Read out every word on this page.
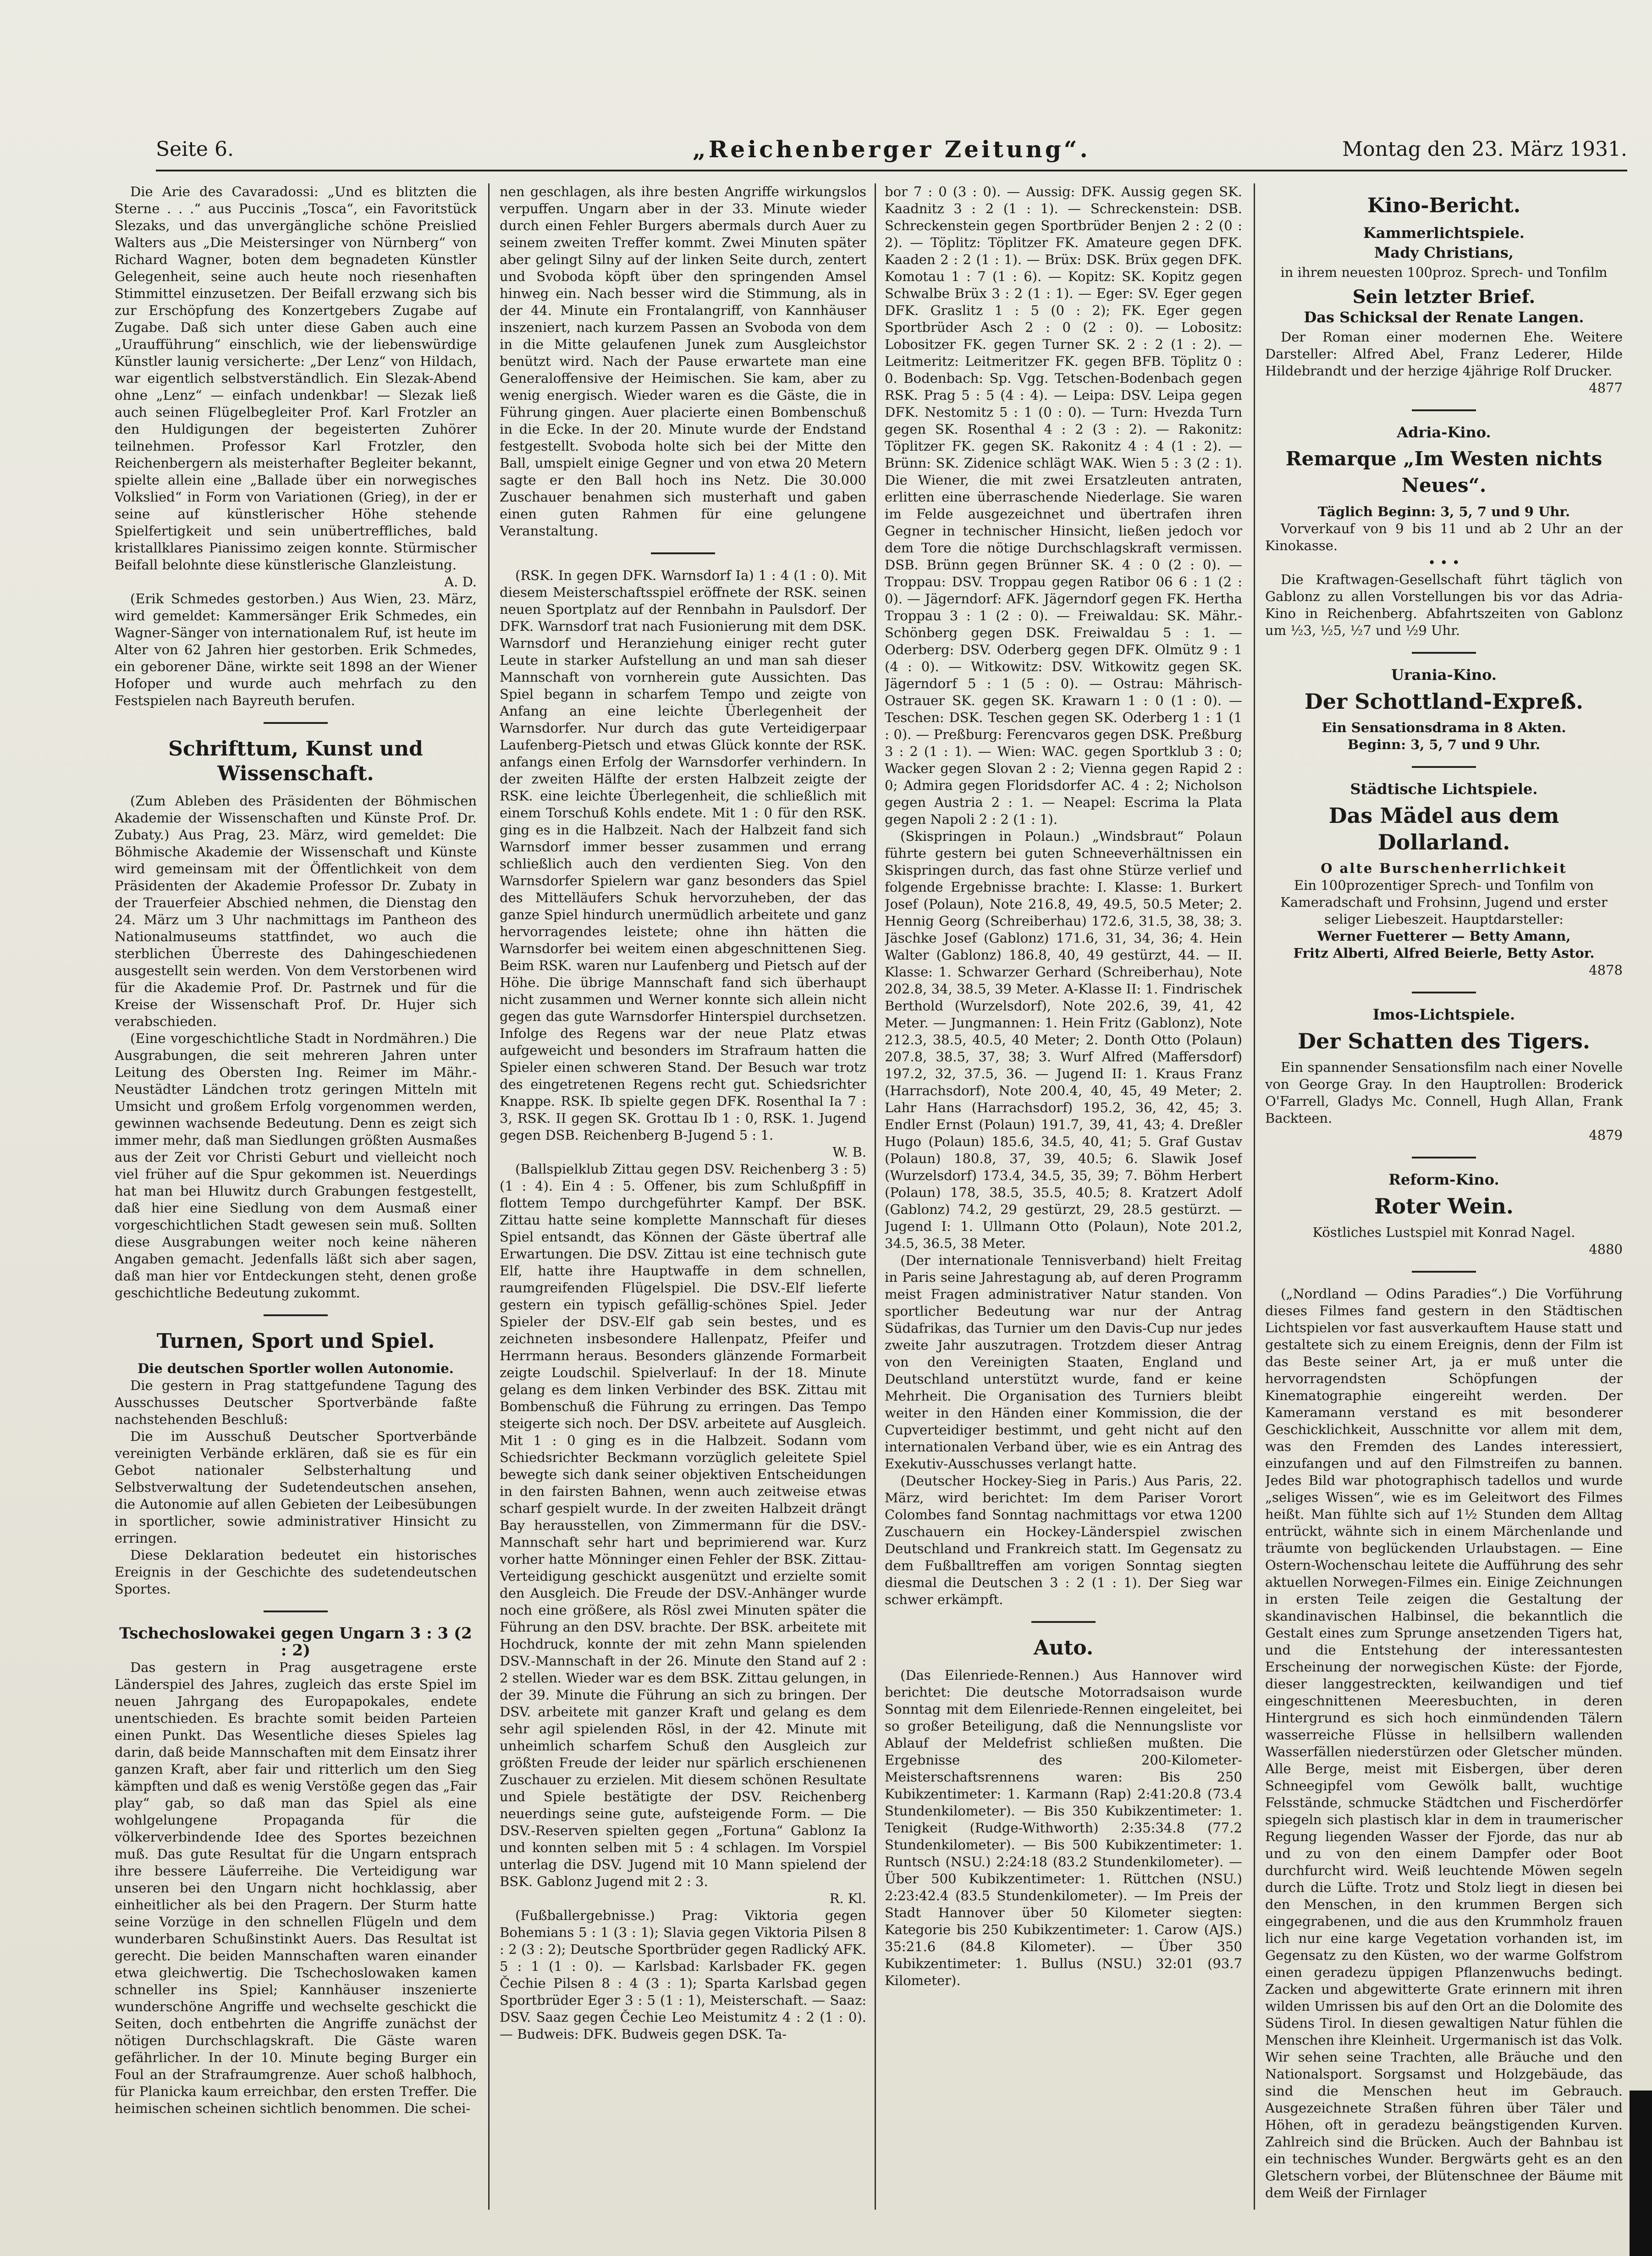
Seite 6.	„Reichenberger Zeitung“.	Montag den 23. März 1931.

Die Arie des Cavaradossi: „Und es blitzten die Sterne . . .“ aus Puccinis „Tosca“, ein Favoritstück Slezaks, und das unvergängliche schöne Preislied Walters aus „Die Meistersinger von Nürnberg“ von Richard Wagner, boten dem begnadeten Künstler Gelegenheit, seine auch heute noch riesenhaften Stimmittel einzusetzen. Der Beifall erzwang sich bis zur Erschöpfung des Konzertgebers Zugabe auf Zugabe. Daß sich unter diese Gaben auch eine „Uraufführung“ einschlich, wie der liebenswürdige Künstler launig versicherte: „Der Lenz“ von Hildach, war eigentlich selbstverständlich. Ein Slezak-Abend ohne „Lenz“ — einfach undenkbar! — Slezak ließ auch seinen Flügelbegleiter Prof. Karl Frotzler an den Huldigungen der begeisterten Zuhörer teilnehmen. Professor Karl Frotzler, den Reichenbergern als meisterhafter Begleiter bekannt, spielte allein eine „Ballade über ein norwegisches Volkslied“ in Form von Variationen (Grieg), in der er seine auf künstlerischer Höhe stehende Spielfertigkeit und sein unübertreffliches, bald kristallklares Pianissimo zeigen konnte. Stürmischer Beifall belohnte diese künstlerische Glanzleistung.

A. D.

(Erik Schmedes gestorben.) Aus Wien, 23. März, wird gemeldet: Kammersänger Erik Schmedes, ein Wagner-Sänger von internationalem Ruf, ist heute im Alter von 62 Jahren hier gestorben. Erik Schmedes, ein geborener Däne, wirkte seit 1898 an der Wiener Hofoper und wurde auch mehrfach zu den Festspielen nach Bayreuth berufen.

Schrifttum, Kunst und Wissenschaft.

(Zum Ableben des Präsidenten der Böhmischen Akademie der Wissenschaften und Künste Prof. Dr. Zubaty.) Aus Prag, 23. März, wird gemeldet: Die Böhmische Akademie der Wissenschaft und Künste wird gemeinsam mit der Öffentlichkeit von dem Präsidenten der Akademie Professor Dr. Zubaty in der Trauerfeier Abschied nehmen, die Dienstag den 24. März um 3 Uhr nachmittags im Pantheon des Nationalmuseums stattfindet, wo auch die sterblichen Überreste des Dahingeschiedenen ausgestellt sein werden. Von dem Verstorbenen wird für die Akademie Prof. Dr. Pastrnek und für die Kreise der Wissenschaft Prof. Dr. Hujer sich verabschieden.

(Eine vorgeschichtliche Stadt in Nordmähren.) Die Ausgrabungen, die seit mehreren Jahren unter Leitung des Obersten Ing. Reimer im Mähr.-Neustädter Ländchen trotz geringen Mitteln mit Umsicht und großem Erfolg vorgenommen werden, gewinnen wachsende Bedeutung. Denn es zeigt sich immer mehr, daß man Siedlungen größten Ausmaßes aus der Zeit vor Christi Geburt und vielleicht noch viel früher auf die Spur gekommen ist. Neuerdings hat man bei Hluwitz durch Grabungen festgestellt, daß hier eine Siedlung von dem Ausmaß einer vorgeschichtlichen Stadt gewesen sein muß. Sollten diese Ausgrabungen weiter noch keine näheren Angaben gemacht. Jedenfalls läßt sich aber sagen, daß man hier vor Entdeckungen steht, denen große geschichtliche Bedeutung zukommt.

Turnen, Sport und Spiel.

Die deutschen Sportler wollen Autonomie.

Die gestern in Prag stattgefundene Tagung des Ausschusses Deutscher Sportverbände faßte nachstehenden Beschluß:

Die im Ausschuß Deutscher Sportverbände vereinigten Verbände erklären, daß sie es für ein Gebot nationaler Selbsterhaltung und Selbstverwaltung der Sudetendeutschen ansehen, die Autonomie auf allen Gebieten der Leibesübungen in sportlicher, sowie administrativer Hinsicht zu erringen.

Diese Deklaration bedeutet ein historisches Ereignis in der Geschichte des sudetendeutschen Sportes.

Tschechoslowakei gegen Ungarn 3 : 3 (2 : 2)

Das gestern in Prag ausgetragene erste Länderspiel des Jahres, zugleich das erste Spiel im neuen Jahrgang des Europapokales, endete unentschieden. Es brachte somit beiden Parteien einen Punkt. Das Wesentliche dieses Spieles lag darin, daß beide Mannschaften mit dem Einsatz ihrer ganzen Kraft, aber fair und ritterlich um den Sieg kämpften und daß es wenig Verstöße gegen das „Fair play“ gab, so daß man das Spiel als eine wohlgelungene Propaganda für die völkerverbindende Idee des Sportes bezeichnen muß. Das gute Resultat für die Ungarn entsprach ihre bessere Läuferreihe. Die Verteidigung war unseren bei den Ungarn nicht hochklassig, aber einheitlicher als bei den Pragern. Der Sturm hatte seine Vorzüge in den schnellen Flügeln und dem wunderbaren Schußinstinkt Auers. Das Resultat ist gerecht. Die beiden Mannschaften waren einander etwa gleichwertig. Die Tschechoslowaken kamen schneller ins Spiel; Kannhäuser inszenierte wunderschöne Angriffe und wechselte geschickt die Seiten, doch entbehrten die Angriffe zunächst der nötigen Durchschlagskraft. Die Gäste waren gefährlicher. In der 10. Minute beging Burger ein Foul an der Strafraumgrenze. Auer schoß halbhoch, für Planicka kaum erreichbar, den ersten Treffer. Die heimischen scheinen sichtlich benommen. Die schei-

nen geschlagen, als ihre besten Angriffe wirkungslos verpuffen. Ungarn aber in der 33. Minute wieder durch einen Fehler Burgers abermals durch Auer zu seinem zweiten Treffer kommt. Zwei Minuten später aber gelingt Silny auf der linken Seite durch, zentert und Svoboda köpft über den springenden Amsel hinweg ein. Nach besser wird die Stimmung, als in der 44. Minute ein Frontalangriff, von Kannhäuser inszeniert, nach kurzem Passen an Svoboda von dem in die Mitte gelaufenen Junek zum Ausgleichstor benützt wird. Nach der Pause erwartete man eine Generaloffensive der Heimischen. Sie kam, aber zu wenig energisch. Wieder waren es die Gäste, die in Führung gingen. Auer placierte einen Bombenschuß in die Ecke. In der 20. Minute wurde der Endstand festgestellt. Svoboda holte sich bei der Mitte den Ball, umspielt einige Gegner und von etwa 20 Metern sagte er den Ball hoch ins Netz. Die 30.000 Zuschauer benahmen sich musterhaft und gaben einen guten Rahmen für eine gelungene Veranstaltung.

(RSK. In gegen DFK. Warnsdorf Ia) 1 : 4 (1 : 0). Mit diesem Meisterschaftsspiel eröffnete der RSK. seinen neuen Sportplatz auf der Rennbahn in Paulsdorf. Der DFK. Warnsdorf trat nach Fusionierung mit dem DSK. Warnsdorf und Heranziehung einiger recht guter Leute in starker Aufstellung an und man sah dieser Mannschaft von vornherein gute Aussichten. Das Spiel begann in scharfem Tempo und zeigte von Anfang an eine leichte Überlegenheit der Warnsdorfer. Nur durch das gute Verteidigerpaar Laufenberg-Pietsch und etwas Glück konnte der RSK. anfangs einen Erfolg der Warnsdorfer verhindern. In der zweiten Hälfte der ersten Halbzeit zeigte der RSK. eine leichte Überlegenheit, die schließlich mit einem Torschuß Kohls endete. Mit 1 : 0 für den RSK. ging es in die Halbzeit. Nach der Halbzeit fand sich Warnsdorf immer besser zusammen und errang schließlich auch den verdienten Sieg. Von den Warnsdorfer Spielern war ganz besonders das Spiel des Mittelläufers Schuk hervorzuheben, der das ganze Spiel hindurch unermüdlich arbeitete und ganz hervorragendes leistete; ohne ihn hätten die Warnsdorfer bei weitem einen abgeschnittenen Sieg. Beim RSK. waren nur Laufenberg und Pietsch auf der Höhe. Die übrige Mannschaft fand sich überhaupt nicht zusammen und Werner konnte sich allein nicht gegen das gute Warnsdorfer Hinterspiel durchsetzen. Infolge des Regens war der neue Platz etwas aufgeweicht und besonders im Strafraum hatten die Spieler einen schweren Stand. Der Besuch war trotz des eingetretenen Regens recht gut. Schiedsrichter Knappe. RSK. Ib spielte gegen DFK. Rosenthal Ia 7 : 3, RSK. II gegen SK. Grottau Ib 1 : 0, RSK. 1. Jugend gegen DSB. Reichenberg B-Jugend 5 : 1.

W. B.

(Ballspielklub Zittau gegen DSV. Reichenberg 3 : 5) (1 : 4). Ein 4 : 5. Offener, bis zum Schlußpfiff in flottem Tempo durchgeführter Kampf. Der BSK. Zittau hatte seine komplette Mannschaft für dieses Spiel entsandt, das Können der Gäste übertraf alle Erwartungen. Die DSV. Zittau ist eine technisch gute Elf, hatte ihre Hauptwaffe in dem schnellen, raumgreifenden Flügelspiel. Die DSV.-Elf lieferte gestern ein typisch gefällig-schönes Spiel. Jeder Spieler der DSV.-Elf gab sein bestes, und es zeichneten insbesondere Hallenpatz, Pfeifer und Herrmann heraus. Besonders glänzende Formarbeit zeigte Loudschil. Spielverlauf: In der 18. Minute gelang es dem linken Verbinder des BSK. Zittau mit Bombenschuß die Führung zu erringen. Das Tempo steigerte sich noch. Der DSV. arbeitete auf Ausgleich. Mit 1 : 0 ging es in die Halbzeit. Sodann vom Schiedsrichter Beckmann vorzüglich geleitete Spiel bewegte sich dank seiner objektiven Entscheidungen in den fairsten Bahnen, wenn auch zeitweise etwas scharf gespielt wurde. In der zweiten Halbzeit drängt Bay herausstellen, von Zimmermann für die DSV.-Mannschaft sehr hart und beprimierend war. Kurz vorher hatte Mönninger einen Fehler der BSK. Zittau-Verteidigung geschickt ausgenützt und erzielte somit den Ausgleich. Die Freude der DSV.-Anhänger wurde noch eine größere, als Rösl zwei Minuten später die Führung an den DSV. brachte. Der BSK. arbeitete mit Hochdruck, konnte der mit zehn Mann spielenden DSV.-Mannschaft in der 26. Minute den Stand auf 2 : 2 stellen. Wieder war es dem BSK. Zittau gelungen, in der 39. Minute die Führung an sich zu bringen. Der DSV. arbeitete mit ganzer Kraft und gelang es dem sehr agil spielenden Rösl, in der 42. Minute mit unheimlich scharfem Schuß den Ausgleich zur größten Freude der leider nur spärlich erschienenen Zuschauer zu erzielen. Mit diesem schönen Resultate und Spiele bestätigte der DSV. Reichenberg neuerdings seine gute, aufsteigende Form. — Die DSV.-Reserven spielten gegen „Fortuna“ Gablonz Ia und konnten selben mit 5 : 4 schlagen. Im Vorspiel unterlag die DSV. Jugend mit 10 Mann spielend der BSK. Gablonz Jugend mit 2 : 3.

R. Kl.

(Fußballergebnisse.) Prag: Viktoria gegen Bohemians 5 : 1 (3 : 1); Slavia gegen Viktoria Pilsen 8 : 2 (3 : 2); Deutsche Sportbrüder gegen Radlický AFK. 5 : 1 (1 : 0). — Karlsbad: Karlsbader FK. gegen Čechie Pilsen 8 : 4 (3 : 1); Sparta Karlsbad gegen Sportbrüder Eger 3 : 5 (1 : 1), Meisterschaft. — Saaz: DSV. Saaz gegen Čechie Leo Meistumitz 4 : 2 (1 : 0). — Budweis: DFK. Budweis gegen DSK. Ta-

bor 7 : 0 (3 : 0). — Aussig: DFK. Aussig gegen SK. Kaadnitz 3 : 2 (1 : 1). — Schreckenstein: DSB. Schreckenstein gegen Sportbrüder Benjen 2 : 2 (0 : 2). — Töplitz: Töplitzer FK. Amateure gegen DFK. Kaaden 2 : 2 (1 : 1). — Brüx: DSK. Brüx gegen DFK. Komotau 1 : 7 (1 : 6). — Kopitz: SK. Kopitz gegen Schwalbe Brüx 3 : 2 (1 : 1). — Eger: SV. Eger gegen DFK. Graslitz 1 : 5 (0 : 2); FK. Eger gegen Sportbrüder Asch 2 : 0 (2 : 0). — Lobositz: Lobositzer FK. gegen Turner SK. 2 : 2 (1 : 2). — Leitmeritz: Leitmeritzer FK. gegen BFB. Töplitz 0 : 0. Bodenbach: Sp. Vgg. Tetschen-Bodenbach gegen RSK. Prag 5 : 5 (4 : 4). — Leipa: DSV. Leipa gegen DFK. Nestomitz 5 : 1 (0 : 0). — Turn: Hvezda Turn gegen SK. Rosenthal 4 : 2 (3 : 2). — Rakonitz: Töplitzer FK. gegen SK. Rakonitz 4 : 4 (1 : 2). — Brünn: SK. Zidenice schlägt WAK. Wien 5 : 3 (2 : 1). Die Wiener, die mit zwei Ersatzleuten antraten, erlitten eine überraschende Niederlage. Sie waren im Felde ausgezeichnet und übertrafen ihren Gegner in technischer Hinsicht, ließen jedoch vor dem Tore die nötige Durchschlagskraft vermissen. DSB. Brünn gegen Brünner SK. 4 : 0 (2 : 0). — Troppau: DSV. Troppau gegen Ratibor 06 6 : 1 (2 : 0). — Jägerndorf: AFK. Jägerndorf gegen FK. Hertha Troppau 3 : 1 (2 : 0). — Freiwaldau: SK. Mähr.-Schönberg gegen DSK. Freiwaldau 5 : 1. — Oderberg: DSV. Oderberg gegen DFK. Olmütz 9 : 1 (4 : 0). — Witkowitz: DSV. Witkowitz gegen SK. Jägerndorf 5 : 1 (5 : 0). — Ostrau: Mährisch-Ostrauer SK. gegen SK. Krawarn 1 : 0 (1 : 0). — Teschen: DSK. Teschen gegen SK. Oderberg 1 : 1 (1 : 0). — Preßburg: Ferencvaros gegen DSK. Preßburg 3 : 2 (1 : 1). — Wien: WAC. gegen Sportklub 3 : 0; Wacker gegen Slovan 2 : 2; Vienna gegen Rapid 2 : 0; Admira gegen Floridsdorfer AC. 4 : 2; Nicholson gegen Austria 2 : 1. — Neapel: Escrima la Plata gegen Napoli 2 : 2 (1 : 1).

(Skispringen in Polaun.) „Windsbraut“ Polaun führte gestern bei guten Schneeverhältnissen ein Skispringen durch, das fast ohne Stürze verlief und folgende Ergebnisse brachte: I. Klasse: 1. Burkert Josef (Polaun), Note 216.8, 49, 49.5, 50.5 Meter; 2. Hennig Georg (Schreiberhau) 172.6, 31.5, 38, 38; 3. Jäschke Josef (Gablonz) 171.6, 31, 34, 36; 4. Hein Walter (Gablonz) 186.8, 40, 49 gestürzt, 44. — II. Klasse: 1. Schwarzer Gerhard (Schreiberhau), Note 202.8, 34, 38.5, 39 Meter. A-Klasse II: 1. Findrischek Berthold (Wurzelsdorf), Note 202.6, 39, 41, 42 Meter. — Jungmannen: 1. Hein Fritz (Gablonz), Note 212.3, 38.5, 40.5, 40 Meter; 2. Donth Otto (Polaun) 207.8, 38.5, 37, 38; 3. Wurf Alfred (Maffersdorf) 197.2, 32, 37.5, 36. — Jugend II: 1. Kraus Franz (Harrachsdorf), Note 200.4, 40, 45, 49 Meter; 2. Lahr Hans (Harrachsdorf) 195.2, 36, 42, 45; 3. Endler Ernst (Polaun) 191.7, 39, 41, 43; 4. Dreßler Hugo (Polaun) 185.6, 34.5, 40, 41; 5. Graf Gustav (Polaun) 180.8, 37, 39, 40.5; 6. Slawik Josef (Wurzelsdorf) 173.4, 34.5, 35, 39; 7. Böhm Herbert (Polaun) 178, 38.5, 35.5, 40.5; 8. Kratzert Adolf (Gablonz) 74.2, 29 gestürzt, 29, 28.5 gestürzt. — Jugend I: 1. Ullmann Otto (Polaun), Note 201.2, 34.5, 36.5, 38 Meter.

(Der internationale Tennisverband) hielt Freitag in Paris seine Jahrestagung ab, auf deren Programm meist Fragen administrativer Natur standen. Von sportlicher Bedeutung war nur der Antrag Südafrikas, das Turnier um den Davis-Cup nur jedes zweite Jahr auszutragen. Trotzdem dieser Antrag von den Vereinigten Staaten, England und Deutschland unterstützt wurde, fand er keine Mehrheit. Die Organisation des Turniers bleibt weiter in den Händen einer Kommission, die der Cupverteidiger bestimmt, und geht nicht auf den internationalen Verband über, wie es ein Antrag des Exekutiv-Ausschusses verlangt hatte.

(Deutscher Hockey-Sieg in Paris.) Aus Paris, 22. März, wird berichtet: Im dem Pariser Vorort Colombes fand Sonntag nachmittags vor etwa 1200 Zuschauern ein Hockey-Länderspiel zwischen Deutschland und Frankreich statt. Im Gegensatz zu dem Fußballtreffen am vorigen Sonntag siegten diesmal die Deutschen 3 : 2 (1 : 1). Der Sieg war schwer erkämpft.

Auto.

(Das Eilenriede-Rennen.) Aus Hannover wird berichtet: Die deutsche Motorradsaison wurde Sonntag mit dem Eilenriede-Rennen eingeleitet, bei so großer Beteiligung, daß die Nennungsliste vor Ablauf der Meldefrist schließen mußten. Die Ergebnisse des 200-Kilometer-Meisterschaftsrennens waren: Bis 250 Kubikzentimeter: 1. Karmann (Rap) 2:41:20.8 (73.4 Stundenkilometer). — Bis 350 Kubikzentimeter: 1. Tenigkeit (Rudge-Withworth) 2:35:34.8 (77.2 Stundenkilometer). — Bis 500 Kubikzentimeter: 1. Runtsch (NSU.) 2:24:18 (83.2 Stundenkilometer). — Über 500 Kubikzentimeter: 1. Rüttchen (NSU.) 2:23:42.4 (83.5 Stundenkilometer). — Im Preis der Stadt Hannover über 50 Kilometer siegten: Kategorie bis 250 Kubikzentimeter: 1. Carow (AJS.) 35:21.6 (84.8 Kilometer). — Über 350 Kubikzentimeter: 1. Bullus (NSU.) 32:01 (93.7 Kilometer).

Kino-Bericht.
Kammerlichtspiele.
Mady Christians,

in ihrem neuesten 100proz. Sprech- und Tonfilm

Sein letzter Brief.
Das Schicksal der Renate Langen.

Der Roman einer modernen Ehe. Weitere Darsteller: Alfred Abel, Franz Lederer, Hilde Hildebrandt und der herzige 4jährige Rolf Drucker.

4877

Adria-Kino.
Remarque „Im Westen nichts Neues“.

Täglich Beginn: 3, 5, 7 und 9 Uhr.

Vorverkauf von 9 bis 11 und ab 2 Uhr an der Kinokasse.

• • •

Die Kraftwagen-Gesellschaft führt täglich von Gablonz zu allen Vorstellungen bis vor das Adria-Kino in Reichenberg. Abfahrtszeiten von Gablonz um ½3, ½5, ½7 und ½9 Uhr.

Urania-Kino.
Der Schottland-Expreß.

Ein Sensationsdrama in 8 Akten.

Beginn: 3, 5, 7 und 9 Uhr.

Städtische Lichtspiele.
Das Mädel aus dem Dollarland.

O alte Burschenherrlichkeit

Ein 100prozentiger Sprech- und Tonfilm von Kameradschaft und Frohsinn, Jugend und erster seliger Liebeszeit. Hauptdarsteller:

Werner Fuetterer — Betty Amann,

Fritz Alberti, Alfred Beierle, Betty Astor.

4878

Imos-Lichtspiele.
Der Schatten des Tigers.

Ein spannender Sensationsfilm nach einer Novelle von George Gray. In den Hauptrollen: Broderick O'Farrell, Gladys Mc. Connell, Hugh Allan, Frank Backteen.

4879

Reform-Kino.
Roter Wein.

Köstliches Lustspiel mit Konrad Nagel.

4880

(„Nordland — Odins Paradies“.) Die Vorführung dieses Filmes fand gestern in den Städtischen Lichtspielen vor fast ausverkauftem Hause statt und gestaltete sich zu einem Ereignis, denn der Film ist das Beste seiner Art, ja er muß unter die hervorragendsten Schöpfungen der Kinematographie eingereiht werden. Der Kameramann verstand es mit besonderer Geschicklichkeit, Ausschnitte vor allem mit dem, was den Fremden des Landes interessiert, einzufangen und auf den Filmstreifen zu bannen. Jedes Bild war photographisch tadellos und wurde „seliges Wissen“, wie es im Geleitwort des Filmes heißt. Man fühlte sich auf 1½ Stunden dem Alltag entrückt, wähnte sich in einem Märchenlande und träumte von beglückenden Urlaubstagen. — Eine Ostern-Wochenschau leitete die Aufführung des sehr aktuellen Norwegen-Filmes ein. Einige Zeichnungen in ersten Teile zeigen die Gestaltung der skandinavischen Halbinsel, die bekanntlich die Gestalt eines zum Sprunge ansetzenden Tigers hat, und die Entstehung der interessantesten Erscheinung der norwegischen Küste: der Fjorde, dieser langgestreckten, keilwandigen und tief eingeschnittenen Meeresbuchten, in deren Hintergrund es sich hoch einmündenden Tälern wasserreiche Flüsse in hellsilbern wallenden Wasserfällen niederstürzen oder Gletscher münden. Alle Berge, meist mit Eisbergen, über deren Schneegipfel vom Gewölk ballt, wuchtige Felsstände, schmucke Städtchen und Fischerdörfer spiegeln sich plastisch klar in dem in traumerischer Regung liegenden Wasser der Fjorde, das nur ab und zu von den einem Dampfer oder Boot durchfurcht wird. Weiß leuchtende Möwen segeln durch die Lüfte. Trotz und Stolz liegt in diesen bei den Menschen, in den krummen Bergen sich eingegrabenen, und die aus den Krummholz frauen lich nur eine karge Vegetation vorhanden ist, im Gegensatz zu den Küsten, wo der warme Golfstrom einen geradezu üppigen Pflanzenwuchs bedingt. Zacken und abgewitterte Grate erinnern mit ihren wilden Umrissen bis auf den Ort an die Dolomite des Südens Tirol. In diesen gewaltigen Natur fühlen die Menschen ihre Kleinheit. Urgermanisch ist das Volk. Wir sehen seine Trachten, alle Bräuche und den Nationalsport. Sorgsamst und Holzgebäude, das sind die Menschen heut im Gebrauch. Ausgezeichnete Straßen führen über Täler und Höhen, oft in geradezu beängstigenden Kurven. Zahlreich sind die Brücken. Auch der Bahnbau ist ein technisches Wunder. Bergwärts geht es an den Gletschern vorbei, der Blütenschnee der Bäume mit dem Weiß der Firnlager
